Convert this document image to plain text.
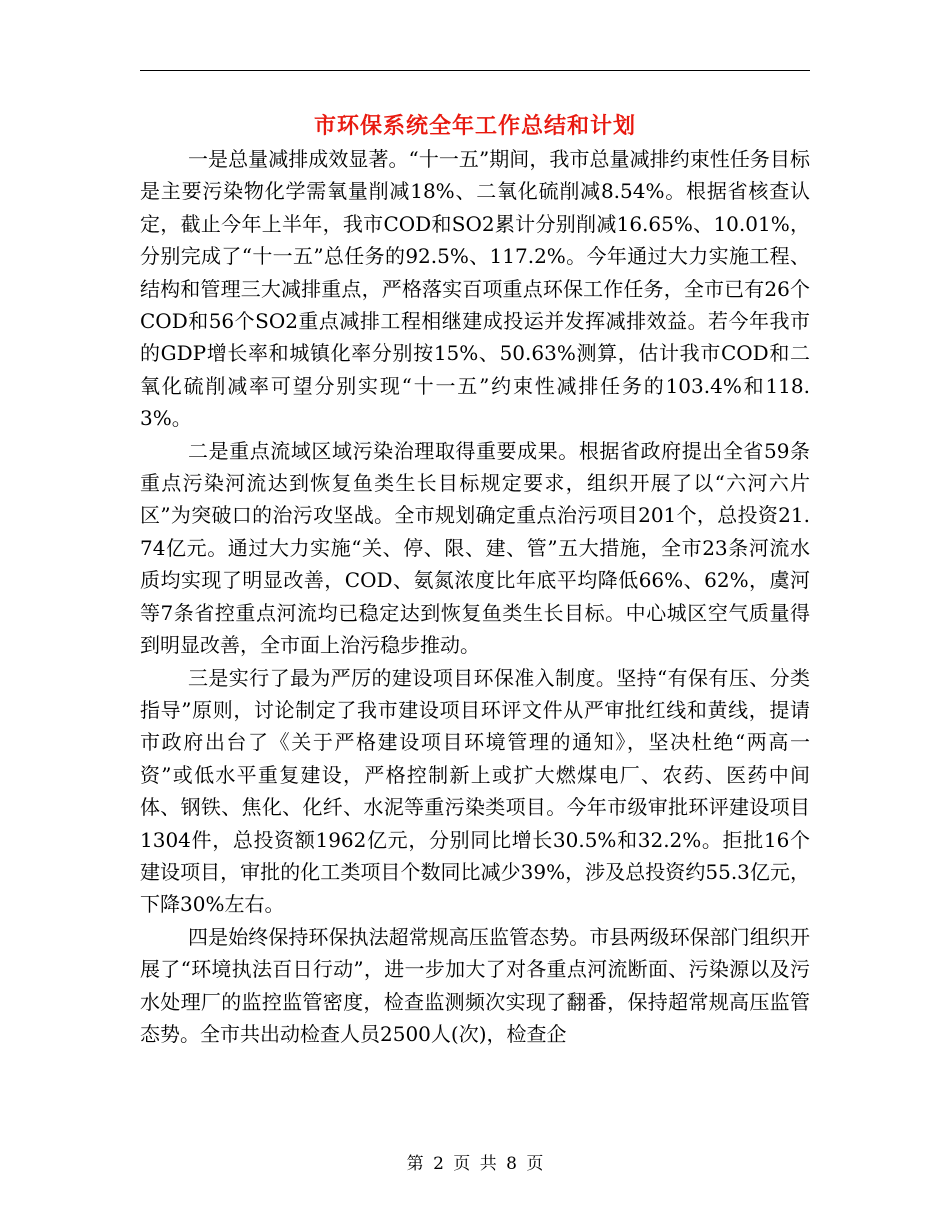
市环保系统全年工作总结和计划

一是总量减排成效显著。“十一五”期间，我市总量减排约束性任务目标是主要污染物化学需氧量削减18%、二氧化硫削减8.54%。根据省核查认定，截止今年上半年，我市COD和SO2累计分别削减16.65%、10.01%，分别完成了“十一五”总任务的92.5%、117.2%。今年通过大力实施工程、结构和管理三大减排重点，严格落实百项重点环保工作任务，全市已有26个COD和56个SO2重点减排工程相继建成投运并发挥减排效益。若今年我市的GDP增长率和城镇化率分别按15%、50.63%测算，估计我市COD和二氧化硫削减率可望分别实现“十一五”约束性减排任务的103.4%和118.3%。

二是重点流域区域污染治理取得重要成果。根据省政府提出全省59条重点污染河流达到恢复鱼类生长目标规定要求，组织开展了以“六河六片区”为突破口的治污攻坚战。全市规划确定重点治污项目201个，总投资21.74亿元。通过大力实施“关、停、限、建、管”五大措施，全市23条河流水质均实现了明显改善，COD、氨氮浓度比年底平均降低66%、62%，虞河等7条省控重点河流均已稳定达到恢复鱼类生长目标。中心城区空气质量得到明显改善，全市面上治污稳步推动。

三是实行了最为严厉的建设项目环保准入制度。坚持“有保有压、分类指导”原则，讨论制定了我市建设项目环评文件从严审批红线和黄线，提请市政府出台了《关于严格建设项目环境管理的通知》，坚决杜绝“两高一资”或低水平重复建设，严格控制新上或扩大燃煤电厂、农药、医药中间体、钢铁、焦化、化纤、水泥等重污染类项目。今年市级审批环评建设项目1304件，总投资额1962亿元，分别同比增长30.5%和32.2%。拒批16个建设项目，审批的化工类项目个数同比减少39%，涉及总投资约55.3亿元，下降30%左右。

四是始终保持环保执法超常规高压监管态势。市县两级环保部门组织开展了“环境执法百日行动”，进一步加大了对各重点河流断面、污染源以及污水处理厂的监控监管密度，检查监测频次实现了翻番，保持超常规高压监管态势。全市共出动检查人员2500人(次)，检查企

第 2 页 共 8 页
